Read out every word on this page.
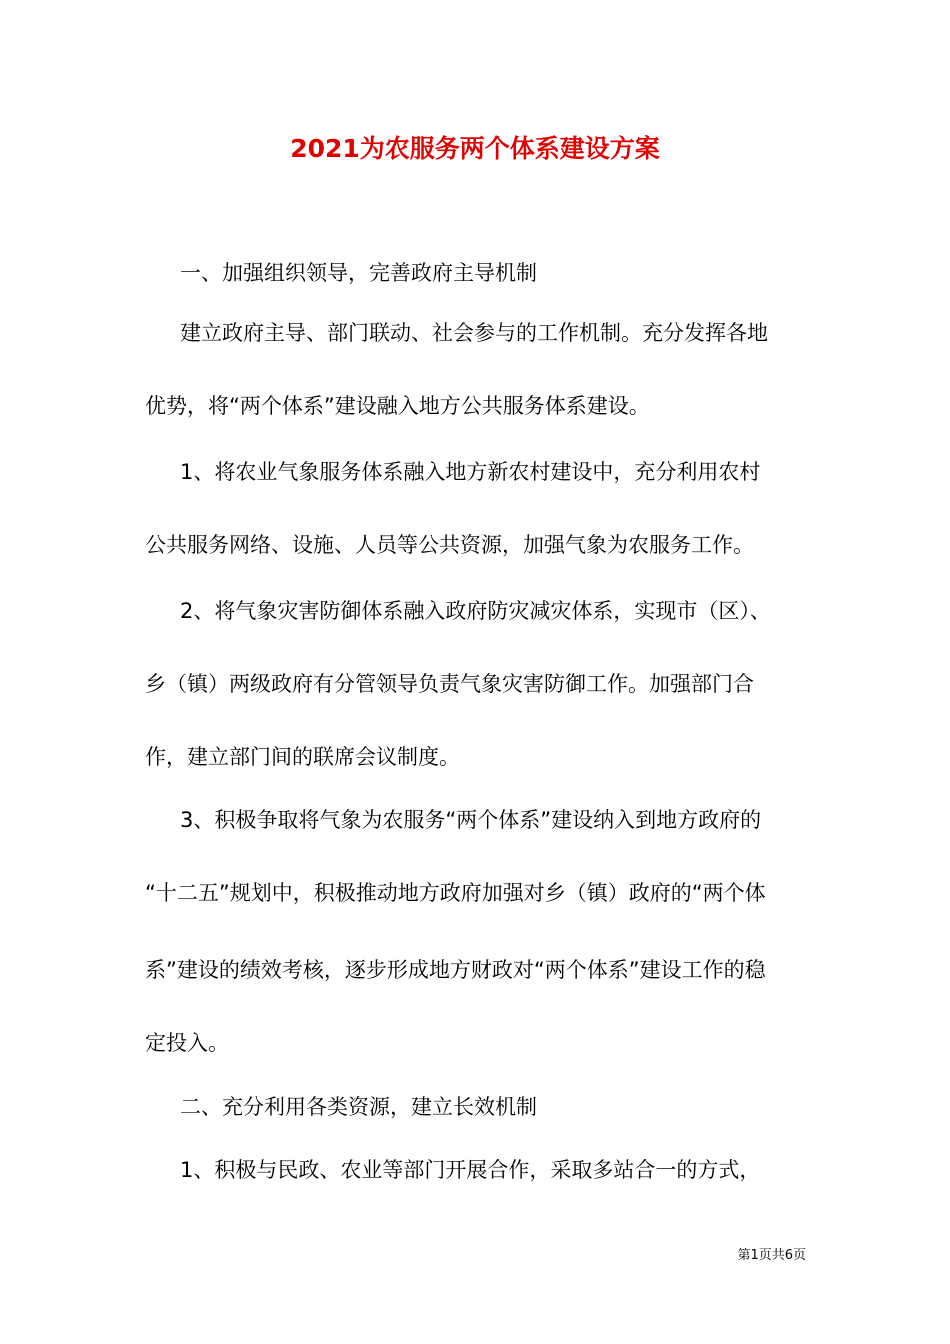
2021为农服务两个体系建设方案
一、加强组织领导，完善政府主导机制
建立政府主导、部门联动、社会参与的工作机制。充分发挥各地
优势，将“两个体系”建设融入地方公共服务体系建设。
1、将农业气象服务体系融入地方新农村建设中，充分利用农村
公共服务网络、设施、人员等公共资源，加强气象为农服务工作。
2、将气象灾害防御体系融入政府防灾减灾体系，实现市（区）、
乡（镇）两级政府有分管领导负责气象灾害防御工作。加强部门合
作，建立部门间的联席会议制度。
3、积极争取将气象为农服务“两个体系”建设纳入到地方政府的
“十二五”规划中，积极推动地方政府加强对乡（镇）政府的“两个体
系”建设的绩效考核，逐步形成地方财政对“两个体系”建设工作的稳
定投入。
二、充分利用各类资源，建立长效机制
1、积极与民政、农业等部门开展合作，采取多站合一的方式，
第1页共6页
